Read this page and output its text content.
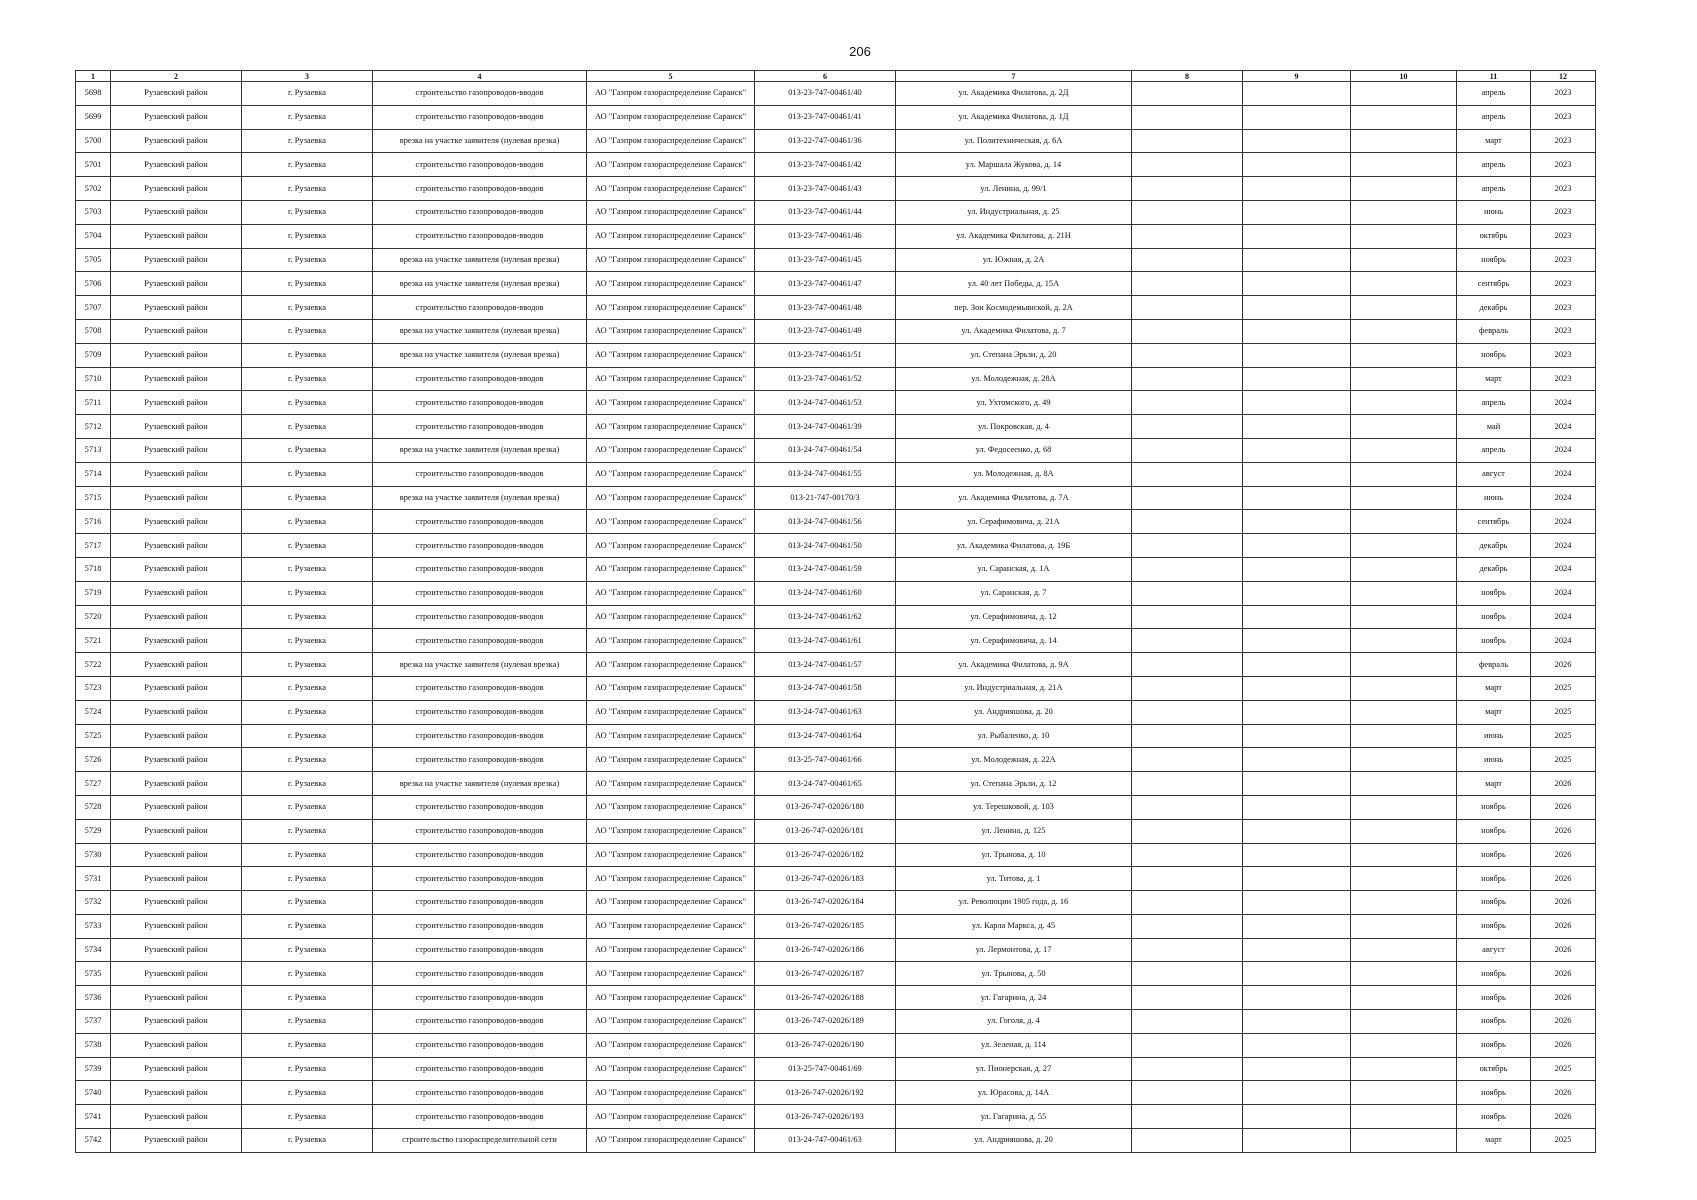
206
1	2	3	4	5	6	7	8	9	10	11	12
5698	Рузаевский район	г. Рузаевка	строительство газопроводов-вводов	АО "Газпром газораспределение Саранск"	013-23-747-00461/40	ул. Академика Филатова, д. 2Д				апрель	2023
5699	Рузаевский район	г. Рузаевка	строительство газопроводов-вводов	АО "Газпром газораспределение Саранск"	013-23-747-00461/41	ул. Академика Филатова, д. 1Д				апрель	2023
5700	Рузаевский район	г. Рузаевка	врезка на участке заявителя (нулевая врезка)	АО "Газпром газораспределение Саранск"	013-22-747-00461/36	ул. Политехническая, д. 6А				март	2023
5701	Рузаевский район	г. Рузаевка	строительство газопроводов-вводов	АО "Газпром газораспределение Саранск"	013-23-747-00461/42	ул. Маршала Жукова, д. 14				апрель	2023
5702	Рузаевский район	г. Рузаевка	строительство газопроводов-вводов	АО "Газпром газораспределение Саранск"	013-23-747-00461/43	ул. Ленина, д. 99/1				апрель	2023
5703	Рузаевский район	г. Рузаевка	строительство газопроводов-вводов	АО "Газпром газораспределение Саранск"	013-23-747-00461/44	ул. Индустриальная, д. 25				июнь	2023
5704	Рузаевский район	г. Рузаевка	строительство газопроводов-вводов	АО "Газпром газораспределение Саранск"	013-23-747-00461/46	ул. Академика Филатова, д. 21Н				октябрь	2023
5705	Рузаевский район	г. Рузаевка	врезка на участке заявителя (нулевая врезка)	АО "Газпром газораспределение Саранск"	013-23-747-00461/45	ул. Южная, д. 2А				ноябрь	2023
5706	Рузаевский район	г. Рузаевка	врезка на участке заявителя (нулевая врезка)	АО "Газпром газораспределение Саранск"	013-23-747-00461/47	ул. 40 лет Победы, д. 15А				сентябрь	2023
5707	Рузаевский район	г. Рузаевка	строительство газопроводов-вводов	АО "Газпром газораспределение Саранск"	013-23-747-00461/48	пер. Зои Космодемьянской, д. 2А				декабрь	2023
5708	Рузаевский район	г. Рузаевка	врезка на участке заявителя (нулевая врезка)	АО "Газпром газораспределение Саранск"	013-23-747-00461/49	ул. Академика Филатова, д. 7				февраль	2023
5709	Рузаевский район	г. Рузаевка	врезка на участке заявителя (нулевая врезка)	АО "Газпром газораспределение Саранск"	013-23-747-00461/51	ул. Степана Эрьзи, д. 20				ноябрь	2023
5710	Рузаевский район	г. Рузаевка	строительство газопроводов-вводов	АО "Газпром газораспределение Саранск"	013-23-747-00461/52	ул. Молодежная, д. 28А				март	2023
5711	Рузаевский район	г. Рузаевка	строительство газопроводов-вводов	АО "Газпром газораспределение Саранск"	013-24-747-00461/53	ул. Ухтомского, д. 49				апрель	2024
5712	Рузаевский район	г. Рузаевка	строительство газопроводов-вводов	АО "Газпром газораспределение Саранск"	013-24-747-00461/39	ул. Покровская, д. 4				май	2024
5713	Рузаевский район	г. Рузаевка	врезка на участке заявителя (нулевая врезка)	АО "Газпром газораспределение Саранск"	013-24-747-00461/54	ул. Федосеенко, д. 68				апрель	2024
5714	Рузаевский район	г. Рузаевка	строительство газопроводов-вводов	АО "Газпром газораспределение Саранск"	013-24-747-00461/55	ул. Молодежная, д. 8А				август	2024
5715	Рузаевский район	г. Рузаевка	врезка на участке заявителя (нулевая врезка)	АО "Газпром газораспределение Саранск"	013-21-747-00170/3	ул. Академика Филатова, д. 7А				июнь	2024
5716	Рузаевский район	г. Рузаевка	строительство газопроводов-вводов	АО "Газпром газораспределение Саранск"	013-24-747-00461/56	ул. Серафимовича, д. 21А				сентябрь	2024
5717	Рузаевский район	г. Рузаевка	строительство газопроводов-вводов	АО "Газпром газораспределение Саранск"	013-24-747-00461/50	ул. Академика Филатова, д. 19Б				декабрь	2024
5718	Рузаевский район	г. Рузаевка	строительство газопроводов-вводов	АО "Газпром газораспределение Саранск"	013-24-747-00461/59	ул. Саранская, д. 1А				декабрь	2024
5719	Рузаевский район	г. Рузаевка	строительство газопроводов-вводов	АО "Газпром газораспределение Саранск"	013-24-747-00461/60	ул. Саранская, д. 7				ноябрь	2024
5720	Рузаевский район	г. Рузаевка	строительство газопроводов-вводов	АО "Газпром газораспределение Саранск"	013-24-747-00461/62	ул. Серафимовича, д. 12				ноябрь	2024
5721	Рузаевский район	г. Рузаевка	строительство газопроводов-вводов	АО "Газпром газораспределение Саранск"	013-24-747-00461/61	ул. Серафимовича, д. 14				ноябрь	2024
5722	Рузаевский район	г. Рузаевка	врезка на участке заявителя (нулевая врезка)	АО "Газпром газораспределение Саранск"	013-24-747-00461/57	ул. Академика Филатова, д. 9А				февраль	2026
5723	Рузаевский район	г. Рузаевка	строительство газопроводов-вводов	АО "Газпром газораспределение Саранск"	013-24-747-00461/58	ул. Индустриальная, д. 21А				март	2025
5724	Рузаевский район	г. Рузаевка	строительство газопроводов-вводов	АО "Газпром газораспределение Саранск"	013-24-747-00461/63	ул. Андрияшова, д. 20				март	2025
5725	Рузаевский район	г. Рузаевка	строительство газопроводов-вводов	АО "Газпром газораспределение Саранск"	013-24-747-00461/64	ул. Рыбаленко, д. 10				июнь	2025
5726	Рузаевский район	г. Рузаевка	строительство газопроводов-вводов	АО "Газпром газораспределение Саранск"	013-25-747-00461/66	ул. Молодежная, д. 22А				июнь	2025
5727	Рузаевский район	г. Рузаевка	врезка на участке заявителя (нулевая врезка)	АО "Газпром газораспределение Саранск"	013-24-747-00461/65	ул. Степана Эрьзи, д. 12				март	2026
5728	Рузаевский район	г. Рузаевка	строительство газопроводов-вводов	АО "Газпром газораспределение Саранск"	013-26-747-02026/180	ул. Терешковой, д. 103				ноябрь	2026
5729	Рузаевский район	г. Рузаевка	строительство газопроводов-вводов	АО "Газпром газораспределение Саранск"	013-26-747-02026/181	ул. Ленина, д. 125				ноябрь	2026
5730	Рузаевский район	г. Рузаевка	строительство газопроводов-вводов	АО "Газпром газораспределение Саранск"	013-26-747-02026/182	ул. Трынова, д. 10				ноябрь	2026
5731	Рузаевский район	г. Рузаевка	строительство газопроводов-вводов	АО "Газпром газораспределение Саранск"	013-26-747-02026/183	ул. Титова, д. 1				ноябрь	2026
5732	Рузаевский район	г. Рузаевка	строительство газопроводов-вводов	АО "Газпром газораспределение Саранск"	013-26-747-02026/184	ул. Революции 1905 года, д. 16				ноябрь	2026
5733	Рузаевский район	г. Рузаевка	строительство газопроводов-вводов	АО "Газпром газораспределение Саранск"	013-26-747-02026/185	ул. Карла Маркса, д. 45				ноябрь	2026
5734	Рузаевский район	г. Рузаевка	строительство газопроводов-вводов	АО "Газпром газораспределение Саранск"	013-26-747-02026/186	ул. Лермонтова, д. 17				август	2026
5735	Рузаевский район	г. Рузаевка	строительство газопроводов-вводов	АО "Газпром газораспределение Саранск"	013-26-747-02026/187	ул. Трынова, д. 50				ноябрь	2026
5736	Рузаевский район	г. Рузаевка	строительство газопроводов-вводов	АО "Газпром газораспределение Саранск"	013-26-747-02026/188	ул. Гагарина, д. 24				ноябрь	2026
5737	Рузаевский район	г. Рузаевка	строительство газопроводов-вводов	АО "Газпром газораспределение Саранск"	013-26-747-02026/189	ул. Гоголя, д. 4				ноябрь	2026
5738	Рузаевский район	г. Рузаевка	строительство газопроводов-вводов	АО "Газпром газораспределение Саранск"	013-26-747-02026/190	ул. Зеленая, д. 114				ноябрь	2026
5739	Рузаевский район	г. Рузаевка	строительство газопроводов-вводов	АО "Газпром газораспределение Саранск"	013-25-747-00461/69	ул. Пионерская, д. 27				октябрь	2025
5740	Рузаевский район	г. Рузаевка	строительство газопроводов-вводов	АО "Газпром газораспределение Саранск"	013-26-747-02026/192	ул. Юрасова, д. 14А				ноябрь	2026
5741	Рузаевский район	г. Рузаевка	строительство газопроводов-вводов	АО "Газпром газораспределение Саранск"	013-26-747-02026/193	ул. Гагарина, д. 55				ноябрь	2026
5742	Рузаевский район	г. Рузаевка	строительство газораспределительной сети	АО "Газпром газораспределение Саранск"	013-24-747-00461/63	ул. Андрияшова, д. 20				март	2025
